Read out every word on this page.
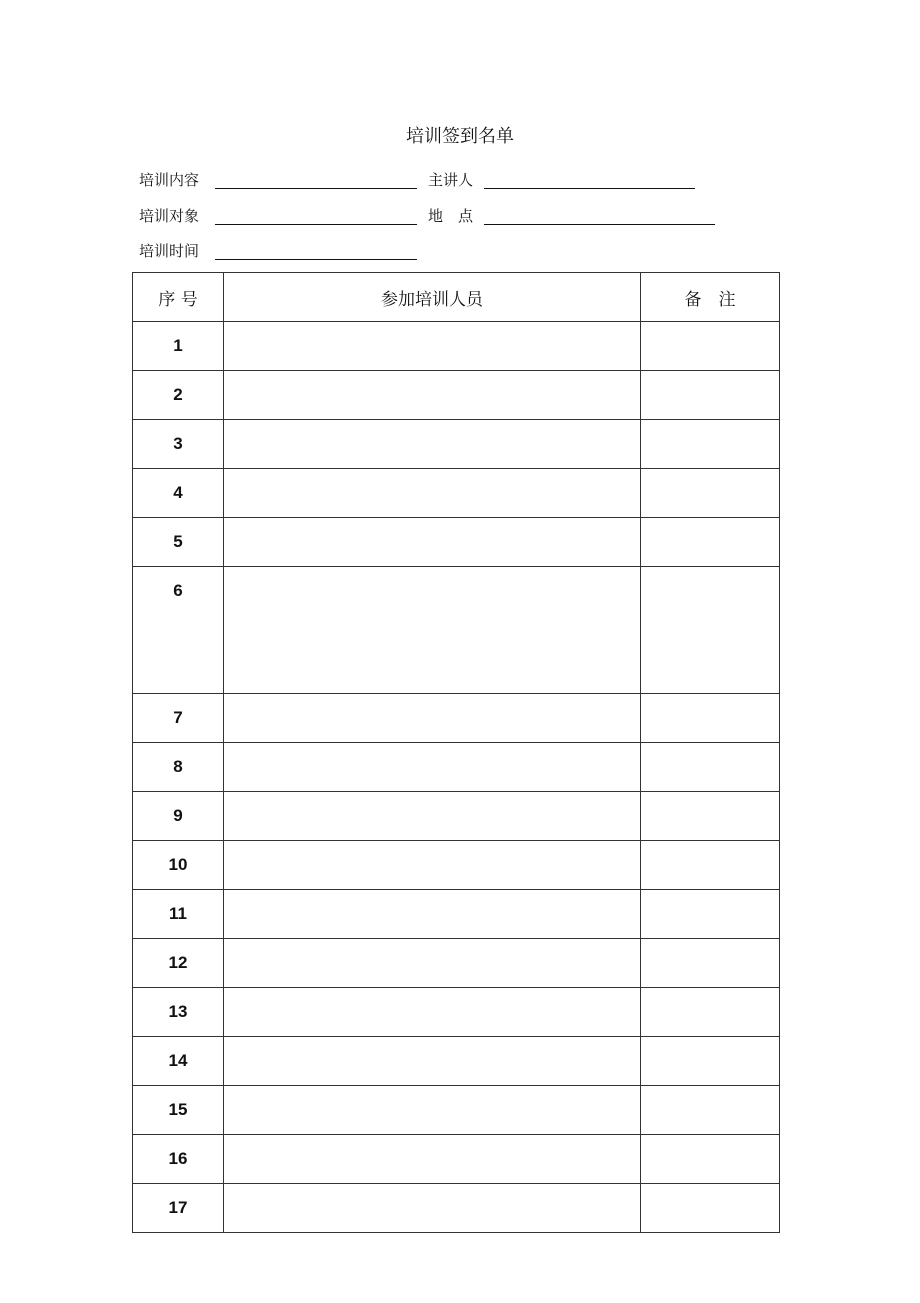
培训签到名单
培训内容	主讲人
培训对象	地　点
培训时间
序 号	参加培训人员	备　注
1		
2		
3		
4		
5		
6		
7		
8		
9		
10		
11		
12		
13		
14		
15		
16		
17		
